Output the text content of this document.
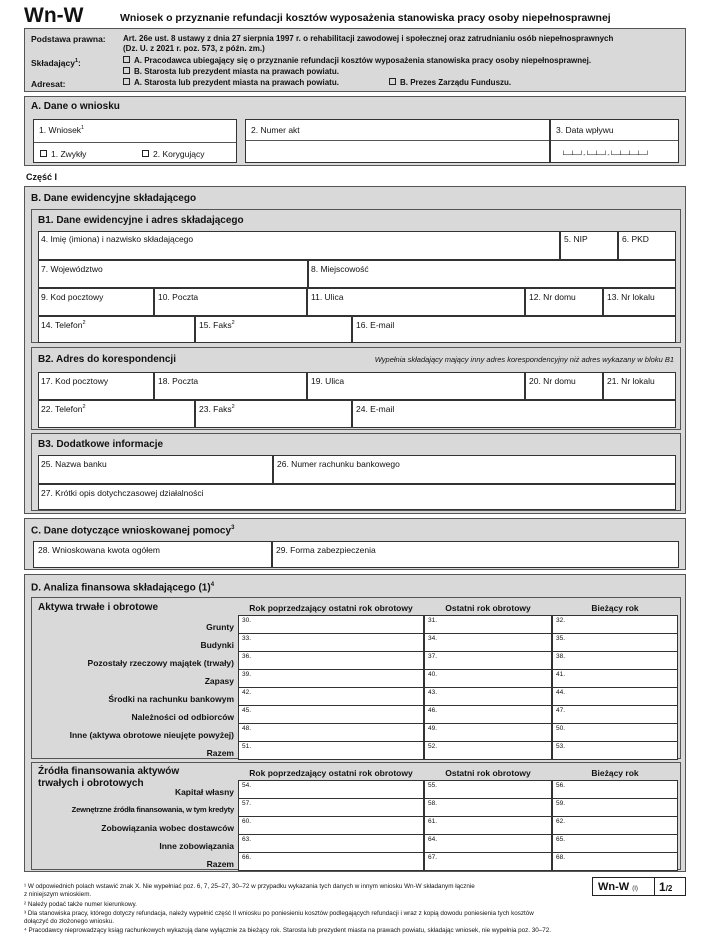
Wn-W	Wniosek o przyznanie refundacji kosztów wyposażenia stanowiska pracy osoby niepełnosprawnej
Podstawa prawna: Art. 26e ust. 8 ustawy z dnia 27 sierpnia 1997 r. o rehabilitacji zawodowej i społecznej oraz zatrudnianiu osób niepełnosprawnych
(Dz. U. z 2021 r. poz. 573, z późn. zm.)
Składający$^1$:	A. Pracodawca ubiegający się o przyznanie refundacji kosztów wyposażenia stanowiska pracy osoby niepełnosprawnej.
B. Starosta lub prezydent miasta na prawach powiatu.
Adresat:	A. Starosta lub prezydent miasta na prawach powiatu.	B. Prezes Zarządu Funduszu.
A. Dane o wniosku
1. Wniosek$^1$
1. Zwykły	2. Korygujący
2. Numer akt	3. Data wpływu
└─┴─┘-└─┴─┘-└─┴─┴─┴─┘
Część I
B. Dane ewidencyjne składającego
B1. Dane ewidencyjne i adres składającego
4. Imię (imiona) i nazwisko składającego	5. NIP	6. PKD
7. Województwo	8. Miejscowość
9. Kod pocztowy	10. Poczta	11. Ulica	12. Nr domu	13. Nr lokalu
14. Telefon$^2$	15. Faks$^2$	16. E-mail
B2. Adres do korespondencji	Wypełnia składający mający inny adres korespondencyjny niż adres wykazany w bloku B1
17. Kod pocztowy	18. Poczta	19. Ulica	20. Nr domu	21. Nr lokalu
22. Telefon$^2$	23. Faks$^2$	24. E-mail
B3. Dodatkowe informacje
25. Nazwa banku	26. Numer rachunku bankowego
27. Krótki opis dotychczasowej działalności
C. Dane dotyczące wnioskowanej pomocy$^3$
28. Wnioskowana kwota ogółem	29. Forma zabezpieczenia
D. Analiza finansowa składającego $(1)^4$
Aktywa trwałe i obrotowe	Rok poprzedzający ostatni rok obrotowy	Ostatni rok obrotowy	Bieżący rok
Grunty
30.	31.	32.
Budynki
33.	34.	35.
Pozostały rzeczowy majątek (trwały)
36.	37.	38.
Zapasy
39.	40.	41.
Środki na rachunku bankowym
42.	43.	44.
Należności od odbiorców
45.	46.	47.
Inne (aktywa obrotowe nieujęte powyżej)
48.	49.	50.
Razem
51.	52.	53.
Źródła finansowania aktywów
trwałych i obrotowych
Rok poprzedzający ostatni rok obrotowy	Ostatni rok obrotowy	Bieżący rok
Kapitał własny
54.	55.	56.
Zewnętrzne źródła finansowania, w tym kredyty
57.	58.	59.
Zobowiązania wobec dostawców
60.	61.	62.
Inne zobowiązania
63.	64.	65.
Razem
66.	67.	68.
¹ W odpowiednich polach wstawić znak X. Nie wypełniać poz. 6, 7, 25–27, 30–72 w przypadku wykazania tych danych w innym wniosku Wn-W składanym łącznie
z niniejszym wnioskiem.
² Należy podać także numer kierunkowy.
³ Dla stanowiska pracy, którego dotyczy refundacja, należy wypełnić część II wniosku po poniesieniu kosztów podlegających refundacji i wraz z kopią dowodu poniesienia tych kosztów
dołączyć do złożonego wniosku.
⁴ Pracodawcy nieprowadzący ksiąg rachunkowych wykazują dane wyłącznie za bieżący rok. Starosta lub prezydent miasta na prawach powiatu, składając wniosek, nie wypełnia poz. 30–72.
Wn-W (I) 1/2
